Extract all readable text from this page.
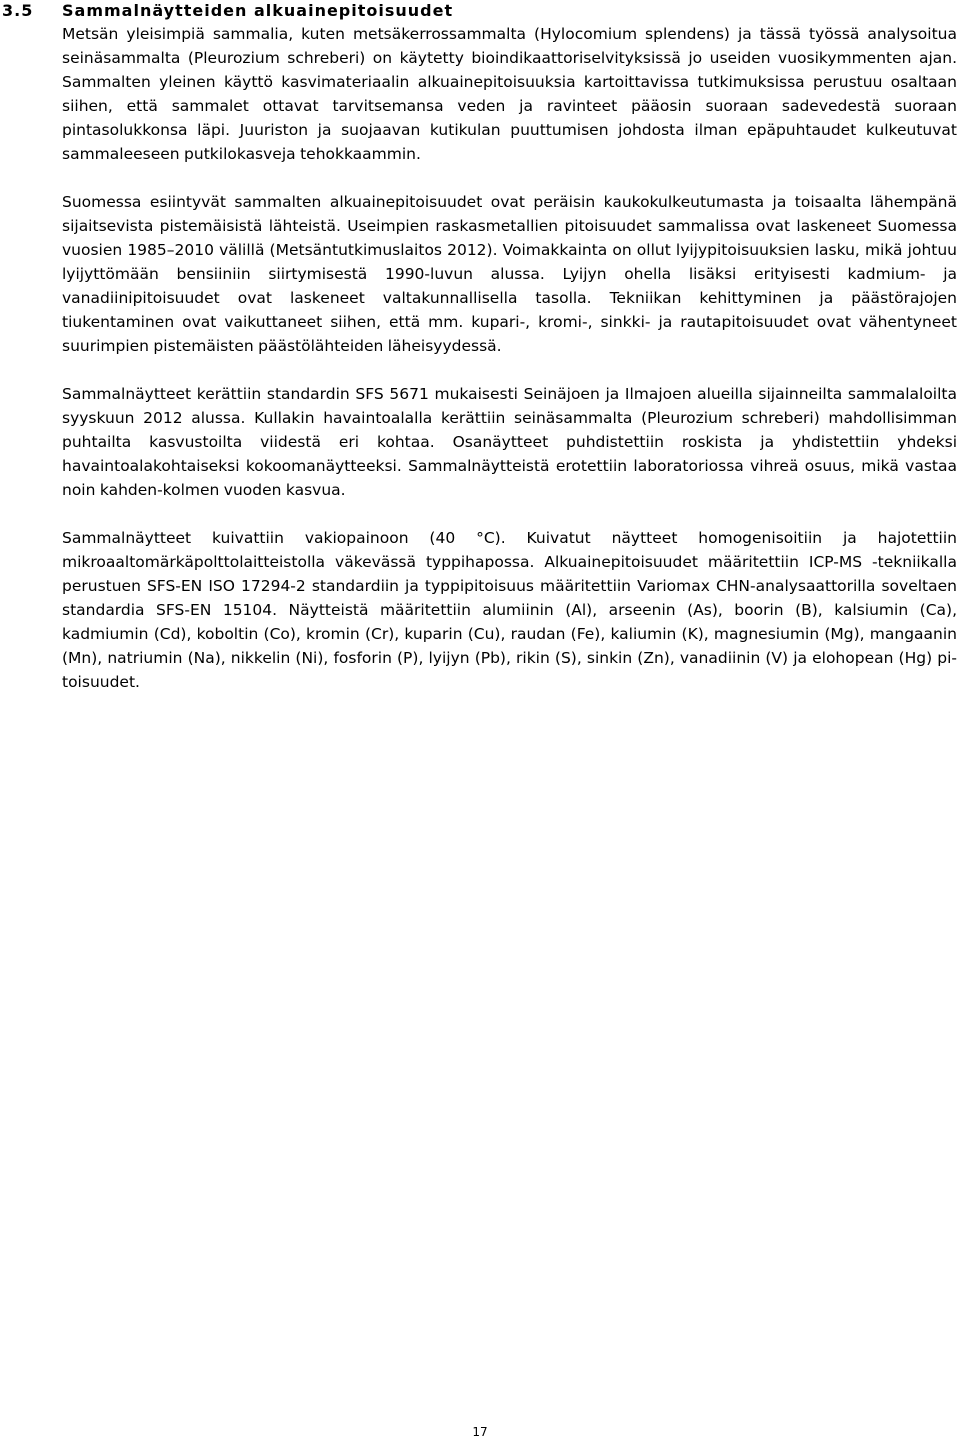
3.5 Sammalnäytteiden alkuainepitoisuudet

Metsän yleisimpiä sammalia, kuten metsäkerrossammalta (Hylocomium splendens) ja tässä työssä analysoitua seinäsammalta (Pleurozium schreberi) on käytetty bioindikaattoriselvityksissä jo useiden vuosikymmenten ajan. Sammalten yleinen käyttö kasvimateriaalin alkuainepitoisuuksia kartoittavissa tutkimuksissa perustuu osaltaan siihen, että sammalet ottavat tarvitsemansa veden ja ravinteet pääosin suoraan sadevedestä suoraan pintasolukkonsa läpi. Juuriston ja suojaavan kutikulan puuttumisen johdosta ilman epäpuhtaudet kulkeutuvat sammaleeseen putkilokasveja tehokkaammin.

Suomessa esiintyvät sammalten alkuainepitoisuudet ovat peräisin kaukokulkeutumasta ja toisaalta lähempänä sijaitsevista pistemäisistä lähteistä. Useimpien raskasmetallien pitoisuudet sammalissa ovat laskeneet Suomessa vuosien 1985–2010 välillä (Metsäntutkimuslaitos 2012). Voimakkainta on ollut lyijypitoisuuksien lasku, mikä johtuu lyijyttömään bensiiniin siirtymisestä 1990-luvun alussa. Lyijyn ohella lisäksi erityisesti kadmium- ja vanadiinipitoisuudet ovat laskeneet valtakunnallisella tasolla. Tekniikan kehittyminen ja päästörajojen tiukentaminen ovat vaikuttaneet siihen, että mm. kupari-, kromi-, sinkki- ja rautapitoisuudet ovat vähentyneet suurimpien pistemäisten päästölähteiden läheisyydessä.

Sammalnäytteet kerättiin standardin SFS 5671 mukaisesti Seinäjoen ja Ilmajoen alueilla sijainneilta sammalaloilta syyskuun 2012 alussa. Kullakin havaintoalalla kerättiin seinäsammalta (Pleurozium schreberi) mahdollisimman puhtailta kasvustoilta viidestä eri kohtaa. Osanäytteet puhdistettiin roskista ja yhdistettiin yhdeksi havaintoalakohtaiseksi kokoomanäytteeksi. Sammalnäytteistä erotettiin laboratoriossa vihreä osuus, mikä vastaa noin kahden-kolmen vuoden kasvua.

Sammalnäytteet kuivattiin vakiopainoon (40 °C). Kuivatut näytteet homogenisoitiin ja hajotettiin mikroaaltomärkäpolttolaitteistolla väkevässä typpihapossa. Alkuainepitoisuudet määritettiin ICP-MS -tekniikalla perustuen SFS-EN ISO 17294-2 standardiin ja typpipitoisuus määritettiin Variomax CHN-analysaattorilla soveltaen standardia SFS-EN 15104. Näytteistä määritettiin alumiinin (Al), arseenin (As), boorin (B), kalsiumin (Ca), kadmiumin (Cd), koboltin (Co), kromin (Cr), kuparin (Cu), raudan (Fe), kaliumin (K), magnesiumin (Mg), mangaanin (Mn), natriumin (Na), nikkelin (Ni), fosforin (P), lyijyn (Pb), rikin (S), sinkin (Zn), vanadiinin (V) ja elohopean (Hg) pitoisuudet.

17
